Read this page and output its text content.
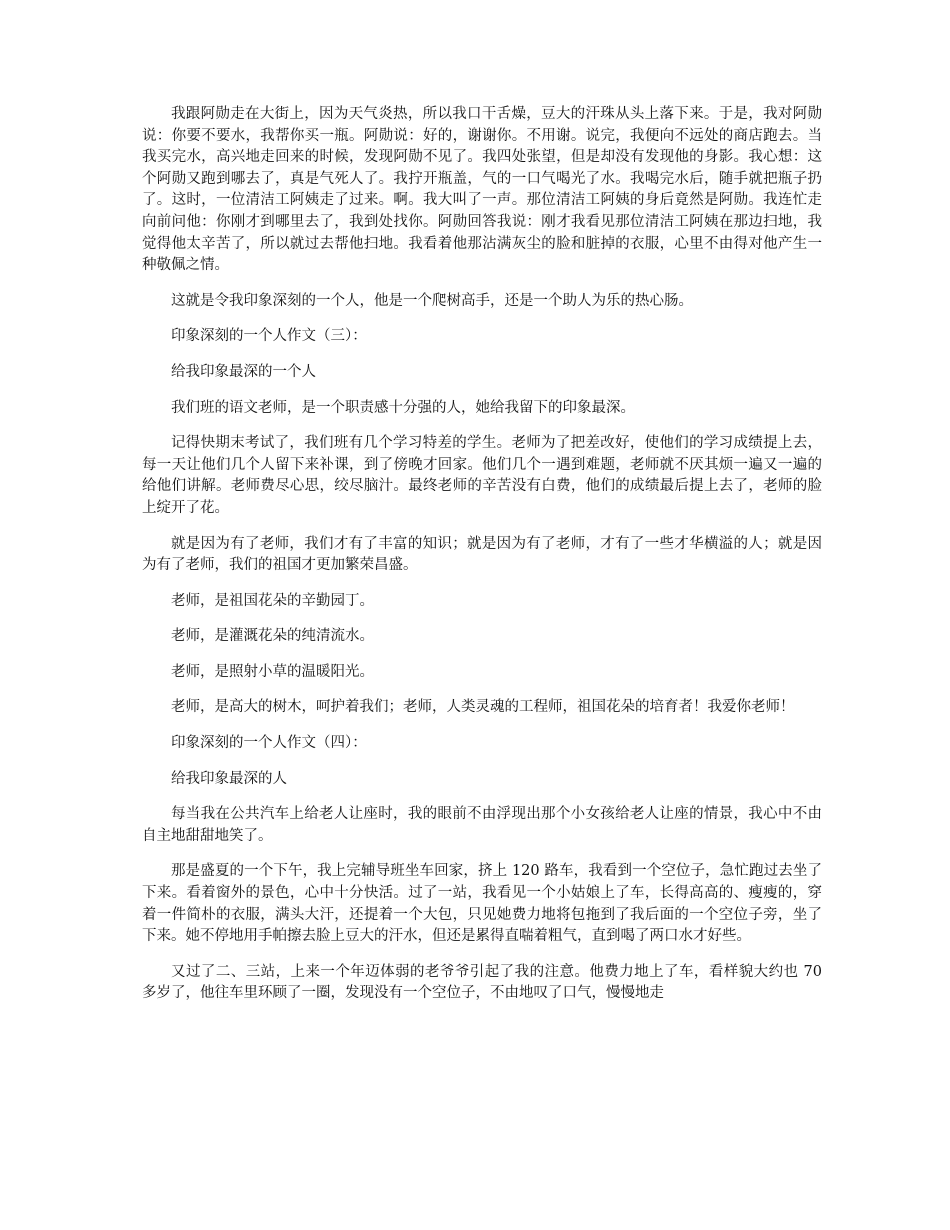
我跟阿勋走在大街上，因为天气炎热，所以我口干舌燥，豆大的汗珠从头上落下来。于是，我对阿勋说：你要不要水，我帮你买一瓶。阿勋说：好的，谢谢你。不用谢。说完，我便向不远处的商店跑去。当我买完水，高兴地走回来的时候，发现阿勋不见了。我四处张望，但是却没有发现他的身影。我心想：这个阿勋又跑到哪去了，真是气死人了。我拧开瓶盖，气的一口气喝光了水。我喝完水后，随手就把瓶子扔了。这时，一位清洁工阿姨走了过来。啊。我大叫了一声。那位清洁工阿姨的身后竟然是阿勋。我连忙走向前问他：你刚才到哪里去了，我到处找你。阿勋回答我说：刚才我看见那位清洁工阿姨在那边扫地，我觉得他太辛苦了，所以就过去帮他扫地。我看着他那沾满灰尘的脸和脏掉的衣服，心里不由得对他产生一种敬佩之情。

这就是令我印象深刻的一个人，他是一个爬树高手，还是一个助人为乐的热心肠。

印象深刻的一个人作文（三）：

给我印象最深的一个人

我们班的语文老师，是一个职责感十分强的人，她给我留下的印象最深。

记得快期末考试了，我们班有几个学习特差的学生。老师为了把差改好，使他们的学习成绩提上去，每一天让他们几个人留下来补课，到了傍晚才回家。他们几个一遇到难题，老师就不厌其烦一遍又一遍的给他们讲解。老师费尽心思，绞尽脑汁。最终老师的辛苦没有白费，他们的成绩最后提上去了，老师的脸上绽开了花。

就是因为有了老师，我们才有了丰富的知识；就是因为有了老师，才有了一些才华横溢的人；就是因为有了老师，我们的祖国才更加繁荣昌盛。

老师，是祖国花朵的辛勤园丁。

老师，是灌溉花朵的纯清流水。

老师，是照射小草的温暖阳光。

老师，是高大的树木，呵护着我们；老师，人类灵魂的工程师，祖国花朵的培育者！我爱你老师！

印象深刻的一个人作文（四）：

给我印象最深的人

每当我在公共汽车上给老人让座时，我的眼前不由浮现出那个小女孩给老人让座的情景，我心中不由自主地甜甜地笑了。

那是盛夏的一个下午，我上完辅导班坐车回家，挤上 120 路车，我看到一个空位子，急忙跑过去坐了下来。看着窗外的景色，心中十分快活。过了一站，我看见一个小姑娘上了车，长得高高的、瘦瘦的，穿着一件简朴的衣服，满头大汗，还提着一个大包，只见她费力地将包拖到了我后面的一个空位子旁，坐了下来。她不停地用手帕擦去脸上豆大的汗水，但还是累得直喘着粗气，直到喝了两口水才好些。

又过了二、三站，上来一个年迈体弱的老爷爷引起了我的注意。他费力地上了车，看样貌大约也 70 多岁了，他往车里环顾了一圈，发现没有一个空位子，不由地叹了口气，慢慢地走
